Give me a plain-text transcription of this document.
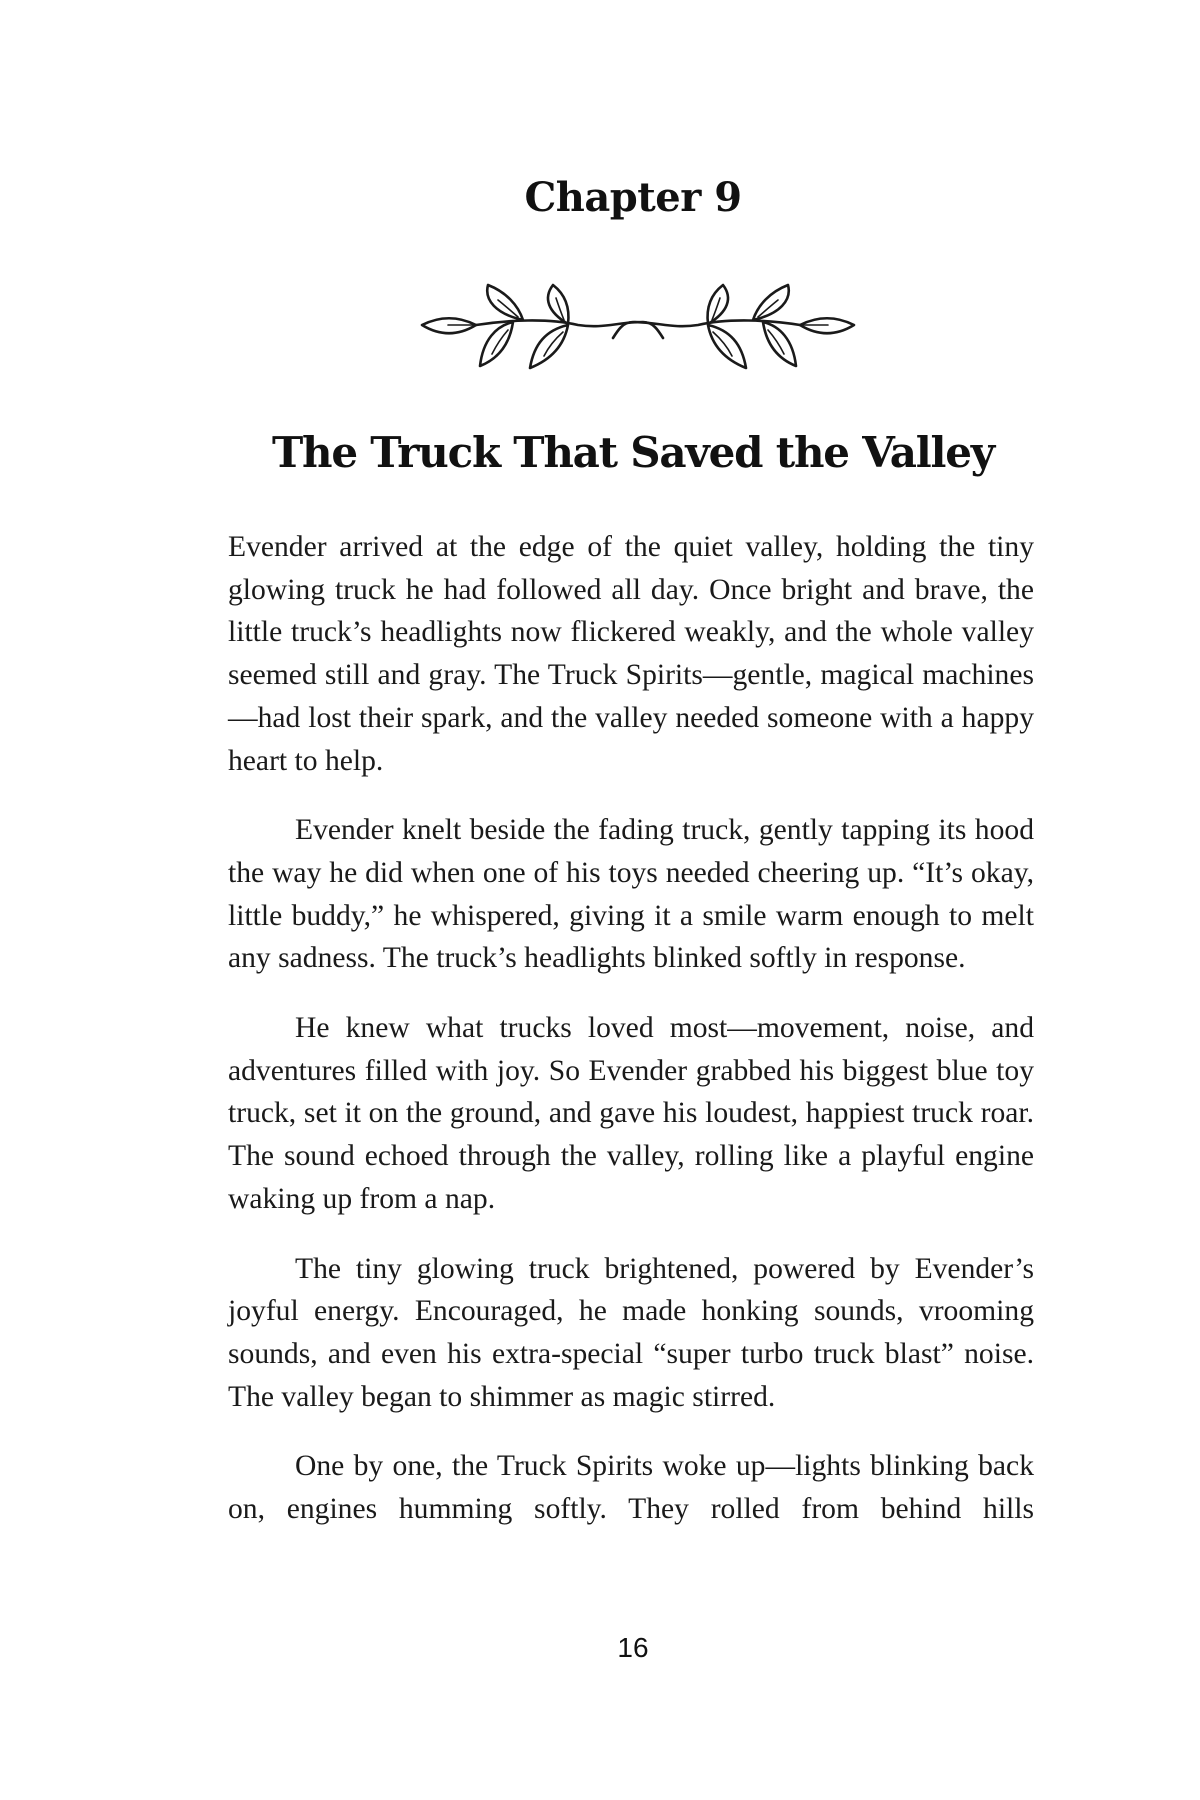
Chapter 9
The Truck That Saved the Valley

Evender arrived at the edge of the quiet valley, holding the tiny glowing truck he had followed all day. Once bright and brave, the little truck’s headlights now flickered weakly, and the whole valley seemed still and gray. The Truck Spirits—gentle, magical machines—had lost their spark, and the valley needed someone with a happy heart to help.

Evender knelt beside the fading truck, gently tapping its hood the way he did when one of his toys needed cheering up. “It’s okay, little buddy,” he whispered, giving it a smile warm enough to melt any sadness. The truck’s headlights blinked softly in response.

He knew what trucks loved most—movement, noise, and adventures filled with joy. So Evender grabbed his biggest blue toy truck, set it on the ground, and gave his loudest, happiest truck roar. The sound echoed through the valley, rolling like a playful engine waking up from a nap.

The tiny glowing truck brightened, powered by Evender’s joyful energy. Encouraged, he made honking sounds, vrooming sounds, and even his extra-special “super turbo truck blast” noise. The valley began to shimmer as magic stirred.

One by one, the Truck Spirits woke up—lights blinking back on, engines humming softly. They rolled from behind hills

16
